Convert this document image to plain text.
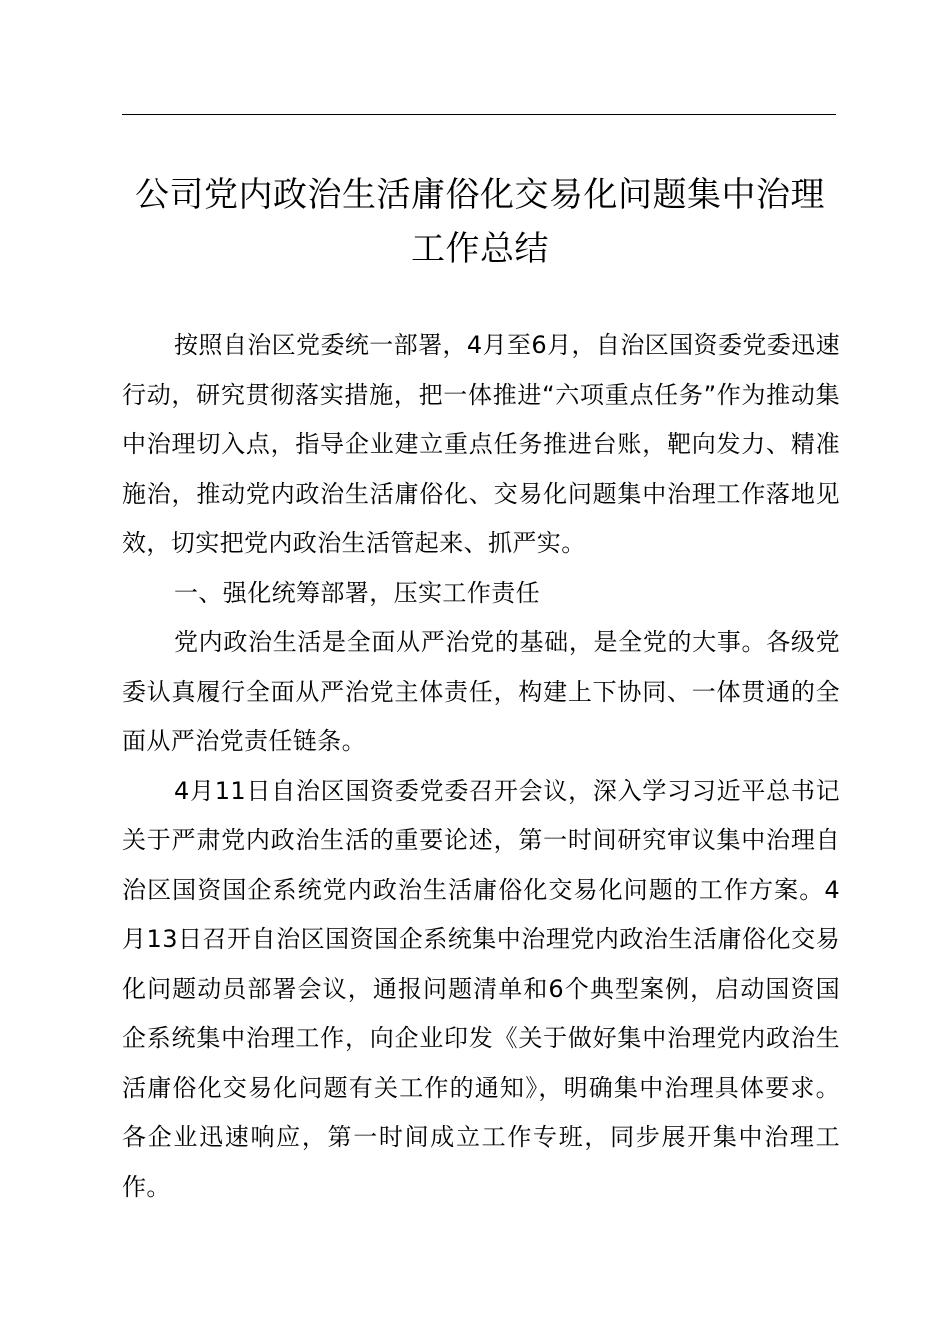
公司党内政治生活庸俗化交易化问题集中治理
工作总结

按照自治区党委统一部署，4月至6月，自治区国资委党委迅速行动，研究贯彻落实措施，把一体推进“六项重点任务”作为推动集中治理切入点，指导企业建立重点任务推进台账，靶向发力、精准施治，推动党内政治生活庸俗化、交易化问题集中治理工作落地见效，切实把党内政治生活管起来、抓严实。

一、强化统筹部署，压实工作责任

党内政治生活是全面从严治党的基础，是全党的大事。各级党委认真履行全面从严治党主体责任，构建上下协同、一体贯通的全面从严治党责任链条。

4月11日自治区国资委党委召开会议，深入学习习近平总书记关于严肃党内政治生活的重要论述，第一时间研究审议集中治理自治区国资国企系统党内政治生活庸俗化交易化问题的工作方案。4月13日召开自治区国资国企系统集中治理党内政治生活庸俗化交易化问题动员部署会议，通报问题清单和6个典型案例，启动国资国企系统集中治理工作，向企业印发《关于做好集中治理党内政治生活庸俗化交易化问题有关工作的通知》，明确集中治理具体要求。各企业迅速响应，第一时间成立工作专班，同步展开集中治理工作。
